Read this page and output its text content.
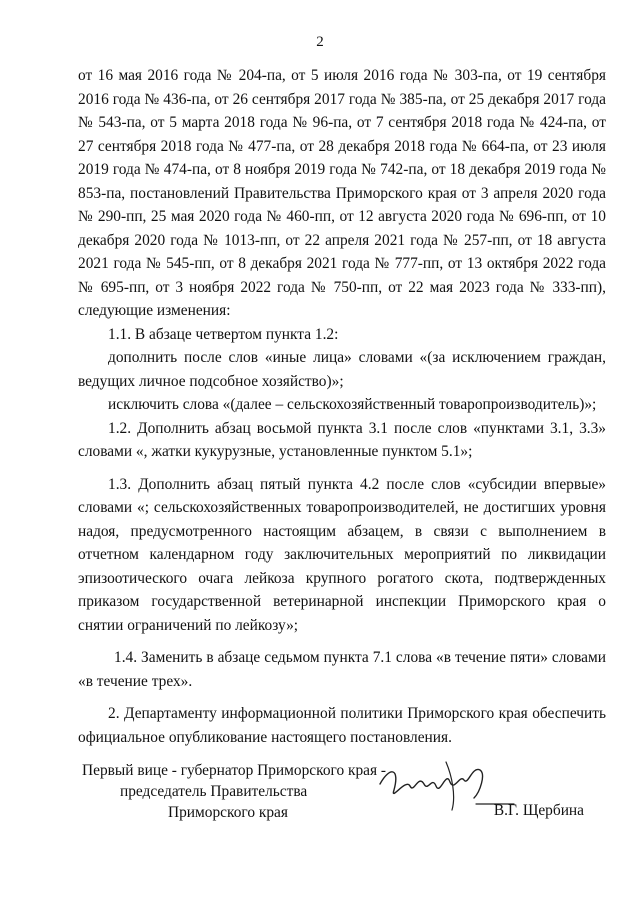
2

от 16 мая 2016 года № 204-па, от 5 июля 2016 года № 303-па, от 19 сентября 2016 года № 436-па, от 26 сентября 2017 года № 385-па, от 25 декабря 2017 года № 543-па, от 5 марта 2018 года № 96-па, от 7 сентября 2018 года № 424-па, от 27 сентября 2018 года № 477-па, от 28 декабря 2018 года № 664-па, от 23 июля 2019 года № 474-па, от 8 ноября 2019 года № 742-па, от 18 декабря 2019 года № 853-па, постановлений Правительства Приморского края от 3 апреля 2020 года № 290-пп, 25 мая 2020 года № 460-пп, от 12 августа 2020 года № 696-пп, от 10 декабря 2020 года № 1013-пп, от 22 апреля 2021 года № 257-пп, от 18 августа 2021 года № 545-пп, от 8 декабря 2021 года № 777-пп, от 13 октября 2022 года № 695-пп, от 3 ноября 2022 года № 750-пп, от 22 мая 2023 года № 333-пп), следующие изменения:

1.1. В абзаце четвертом пункта 1.2:

дополнить после слов «иные лица» словами «(за исключением граждан, ведущих личное подсобное хозяйство)»;

исключить слова «(далее – сельскохозяйственный товаропроизводитель)»;

1.2. Дополнить абзац восьмой пункта 3.1 после слов «пунктами 3.1, 3.3» словами «, жатки кукурузные, установленные пунктом 5.1»;

1.3. Дополнить абзац пятый пункта 4.2 после слов «субсидии впервые» словами «; сельскохозяйственных товаропроизводителей, не достигших уровня надоя, предусмотренного настоящим абзацем, в связи с выполнением в отчетном календарном году заключительных мероприятий по ликвидации эпизоотического очага лейкоза крупного рогатого скота, подтвержденных приказом государственной ветеринарной инспекции Приморского края о снятии ограничений по лейкозу»;

1.4. Заменить в абзаце седьмом пункта 7.1 слова «в течение пяти» словами «в течение трех».

2. Департаменту информационной политики Приморского края обеспечить официальное опубликование настоящего постановления.

Первый вице - губернатор Приморского края -
председатель Правительства
Приморского края	В.Г. Щербина
